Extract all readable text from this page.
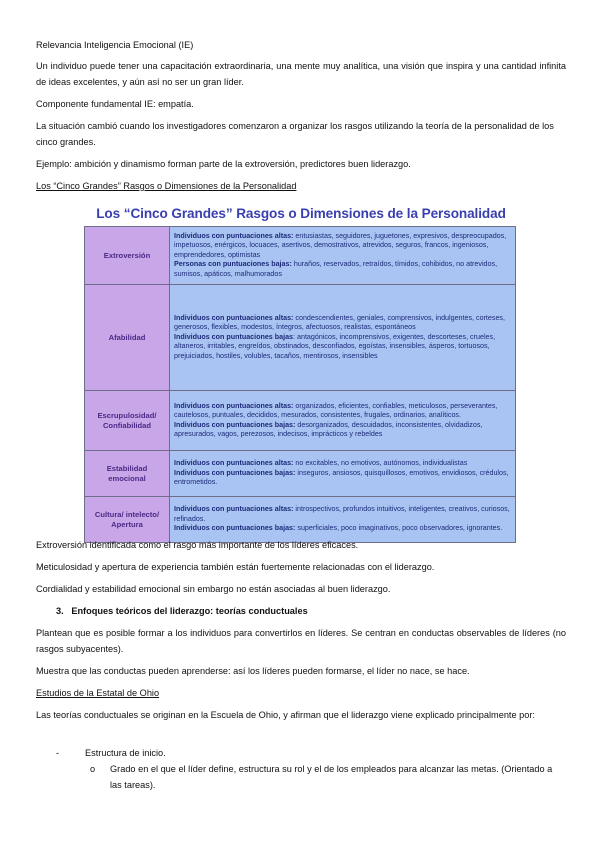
Relevancia Inteligencia Emocional (IE)

Un individuo puede tener una capacitación extraordinaria, una mente muy analítica, una visión que inspira y una cantidad infinita de ideas excelentes, y aún así no ser un gran líder.

Componente fundamental IE: empatía.

La situación cambió cuando los investigadores comenzaron a organizar los rasgos utilizando la teoría de la personalidad de los cinco grandes.

Ejemplo: ambición y dinamismo forman parte de la extroversión, predictores buen liderazgo.

Los “Cinco Grandes” Rasgos o Dimensiones de la Personalidad

Los “Cinco Grandes” Rasgos o Dimensiones de la Personalidad
Extroversión	Individuos con puntuaciones altas: entusiastas, seguidores, juguetones, expresivos, despreocupados, impetuosos, enérgicos, locuaces, asertivos, demostrativos, atrevidos, seguros, francos, ingeniosos, emprendedores, optimistas
Personas con puntuaciones bajas: huraños, reservados, retraídos, tímidos, cohibidos, no atrevidos, sumisos, apáticos, malhumorados
Afabilidad	Individuos con puntuaciones altas: condescendientes, geniales, comprensivos, indulgentes, corteses, generosos, flexibles, modestos, íntegros, afectuosos, realistas, espontáneos
Individuos con puntuaciones bajas: antagónicos, incomprensivos, exigentes, descorteses, crueles, altaneros, irritables, engreídos, obstinados, desconfiados, egoístas, insensibles, ásperos, tortuosos, prejuiciados, hostiles, volubles, tacaños, mentirosos, insensibles
Escrupulosidad/ Confiabilidad	Individuos con puntuaciones altas: organizados, eficientes, confiables, meticulosos, perseverantes, cautelosos, puntuales, decididos, mesurados, consistentes, frugales, ordinarios, analíticos.
Individuos con puntuaciones bajas: desorganizados, descuidados, inconsistentes, olvidadizos, apresurados, vagos, perezosos, indecisos, imprácticos y rebeldes
Estabilidad emocional	Individuos con puntuaciones altas: no excitables, no emotivos, autónomos, individualistas
Individuos con puntuaciones bajas: inseguros, ansiosos, quisquillosos, emotivos, envidiosos, crédulos, entrometidos.
Cultura/ intelecto/ Apertura	Individuos con puntuaciones altas: introspectivos, profundos intuitivos, inteligentes, creativos, curiosos, refinados.
Individuos con puntuaciones bajas: superficiales, poco imaginativos, poco observadores, ignorantes.

Extroversión identificada como el rasgo más importante de los líderes eficaces.

Meticulosidad y apertura de experiencia también están fuertemente relacionadas con el liderazgo.

Cordialidad y estabilidad emocional sin embargo no están asociadas al buen liderazgo.

3.   Enfoques teóricos del liderazgo: teorías conductuales

Plantean que es posible formar a los individuos para convertirlos en líderes. Se centran en conductas observables de líderes (no rasgos subyacentes).

Muestra que las conductas pueden aprenderse: así los líderes pueden formarse, el líder no nace, se hace.

Estudios de la Estatal de Ohio

Las teorías conductuales se originan en la Escuela de Ohio, y afirman que el liderazgo viene explicado principalmente por:

-	Estructura de inicio.

o Grado en el que el líder define, estructura su rol y el de los empleados para alcanzar las metas. (Orientado a las tareas).
